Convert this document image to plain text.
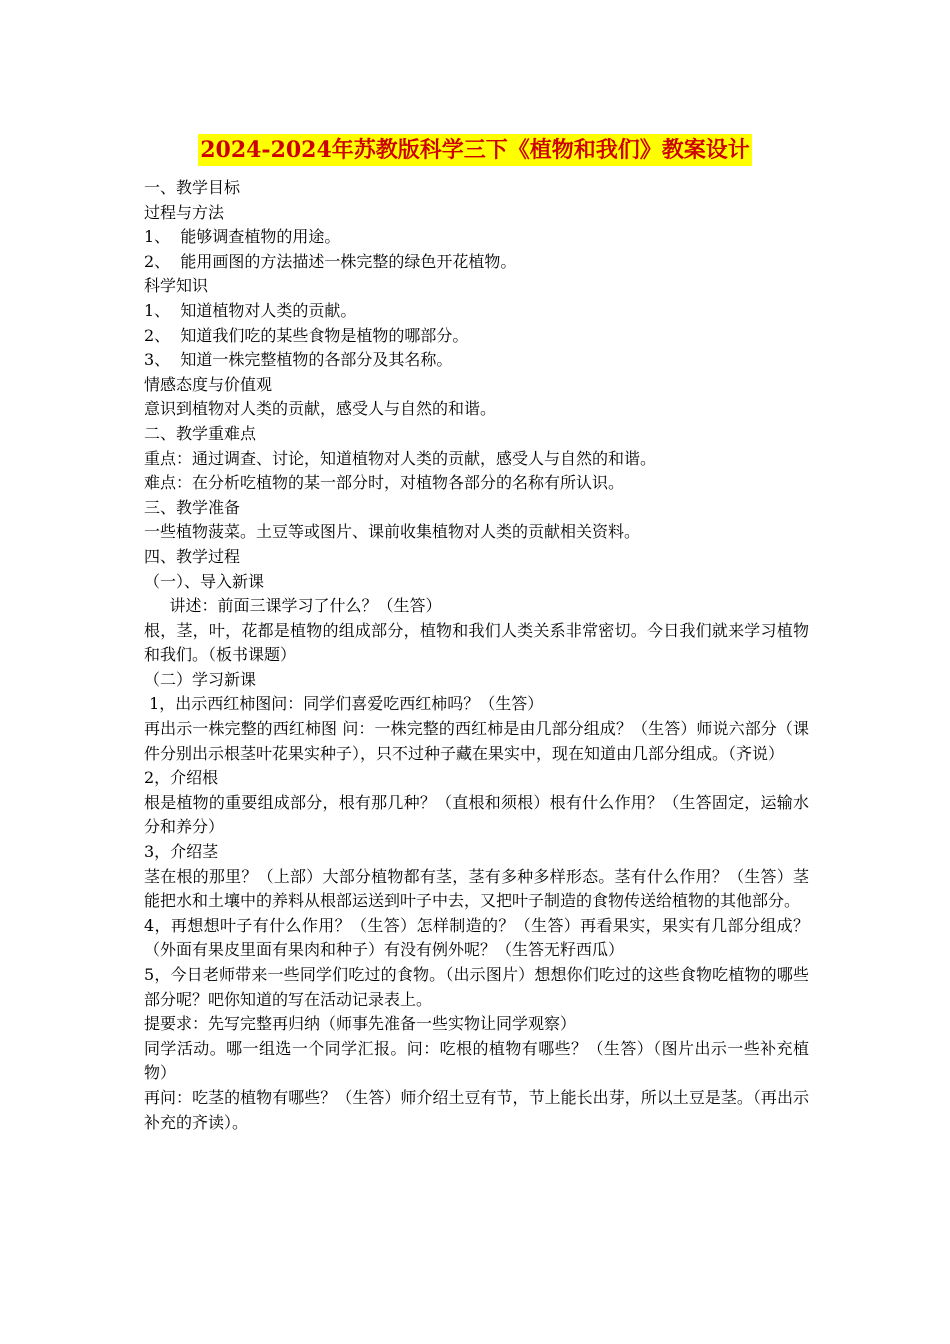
2024-2024年苏教版科学三下《植物和我们》教案设计

一、教学目标

过程与方法

1、  能够调查植物的用途。

2、  能用画图的方法描述一株完整的绿色开花植物。

科学知识

1、  知道植物对人类的贡献。

2、  知道我们吃的某些食物是植物的哪部分。

3、  知道一株完整植物的各部分及其名称。

情感态度与价值观

意识到植物对人类的贡献，感受人与自然的和谐。

二、教学重难点

重点：通过调查、讨论，知道植物对人类的贡献，感受人与自然的和谐。

难点：在分析吃植物的某一部分时，对植物各部分的名称有所认识。

三、教学准备

一些植物菠菜。土豆等或图片、课前收集植物对人类的贡献相关资料。

四、教学过程

（一）、导入新课

讲述：前面三课学习了什么？（生答）

根，茎，叶，花都是植物的组成部分，植物和我们人类关系非常密切。今日我们就来学习植物和我们。（板书课题）

（二）学习新课

1，出示西红柿图问：同学们喜爱吃西红柿吗？（生答）

再出示一株完整的西红柿图 问：一株完整的西红柿是由几部分组成？（生答）师说六部分（课件分别出示根茎叶花果实种子），只不过种子藏在果实中，现在知道由几部分组成。（齐说）

2，介绍根

根是植物的重要组成部分，根有那几种？（直根和须根）根有什么作用？（生答固定，运输水分和养分）

3，介绍茎

茎在根的那里？（上部）大部分植物都有茎，茎有多种多样形态。茎有什么作用？（生答）茎能把水和土壤中的养料从根部运送到叶子中去，又把叶子制造的食物传送给植物的其他部分。

4，再想想叶子有什么作用？（生答）怎样制造的？（生答）再看果实，果实有几部分组成？（外面有果皮里面有果肉和种子）有没有例外呢？（生答无籽西瓜）

5，今日老师带来一些同学们吃过的食物。（出示图片）想想你们吃过的这些食物吃植物的哪些部分呢？吧你知道的写在活动记录表上。

提要求：先写完整再归纳（师事先准备一些实物让同学观察）

同学活动。哪一组选一个同学汇报。问：吃根的植物有哪些？（生答）（图片出示一些补充植物）

再问：吃茎的植物有哪些？（生答）师介绍土豆有节，节上能长出芽，所以土豆是茎。（再出示补充的齐读）。
